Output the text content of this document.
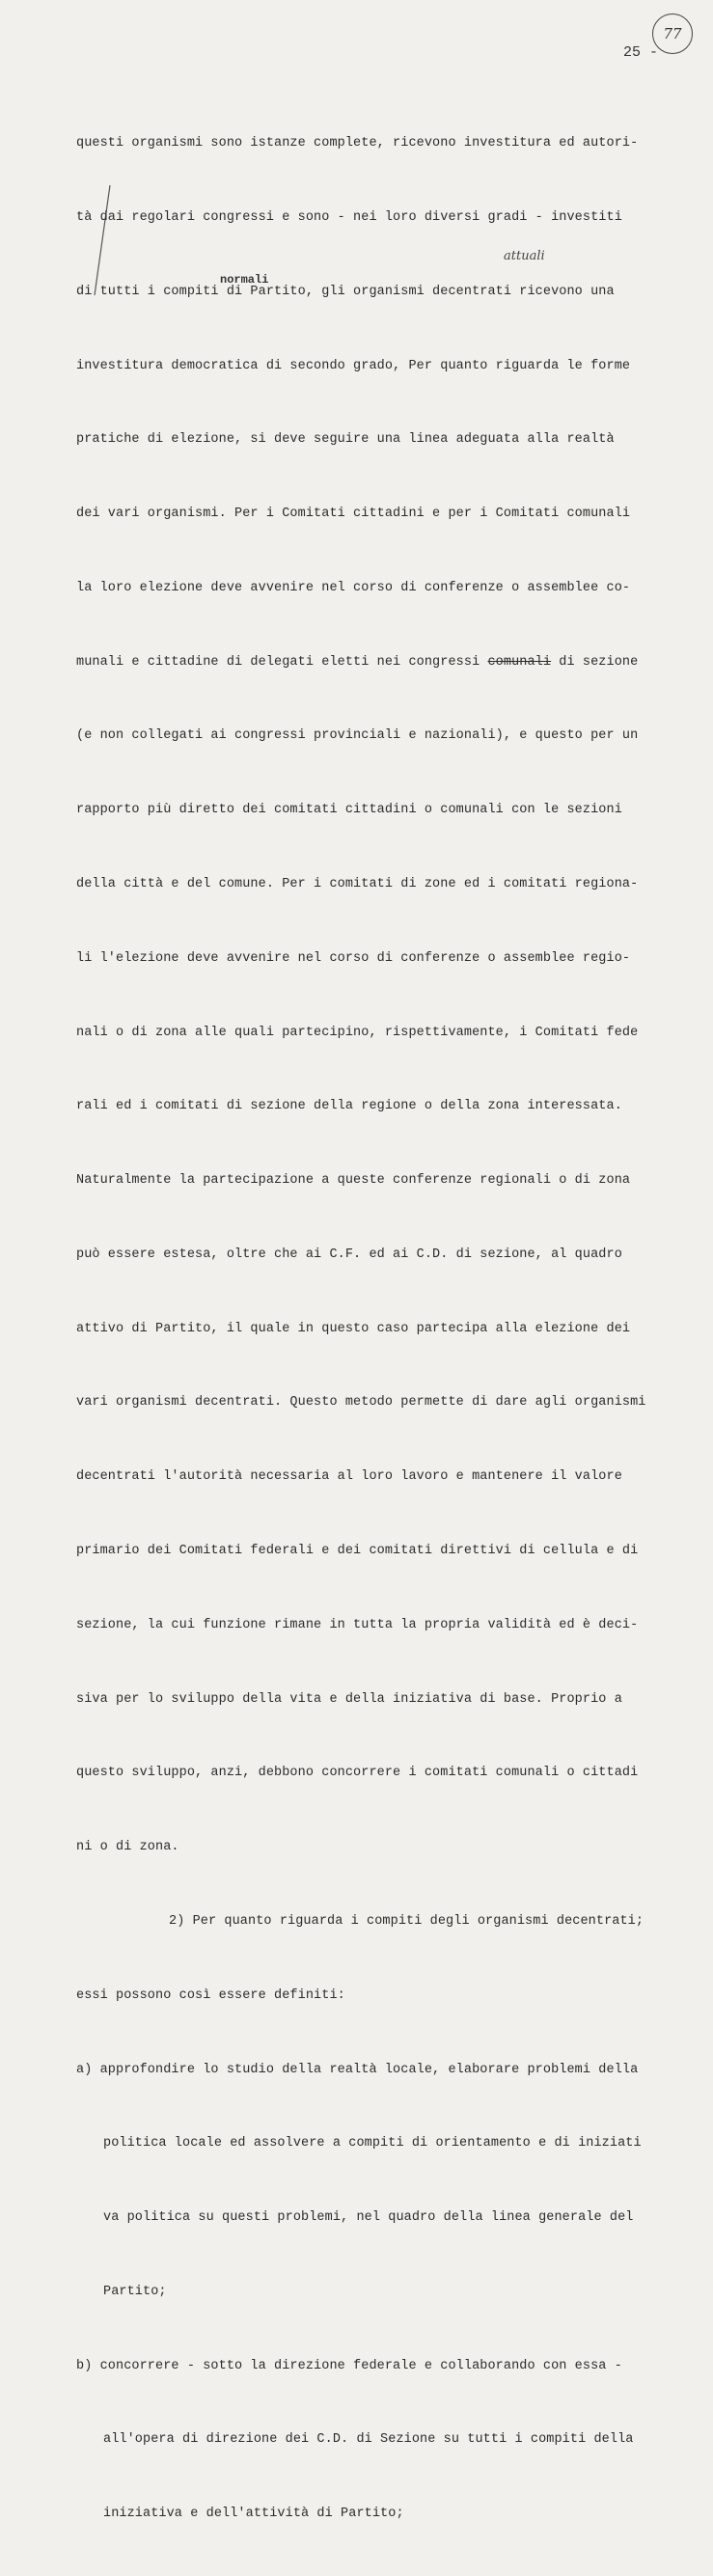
77
25 -
attuali
normali

questi organismi sono istanze complete, ricevono investitura ed autori-

tà dai regolari congressi e sono - nei loro diversi gradi - investiti

di tutti i compiti di Partito, gli organismi decentrati ricevono una

investitura democratica di secondo grado, Per quanto riguarda le forme

pratiche di elezione, si deve seguire una linea adeguata alla realtà

dei vari organismi. Per i Comitati cittadini e per i Comitati comunali

la loro elezione deve avvenire nel corso di conferenze o assemblee co-

munali e cittadine di delegati eletti nei congressi comunali di sezione

(e non collegati ai congressi provinciali e nazionali), e questo per un

rapporto più diretto dei comitati cittadini o comunali con le sezioni

della città e del comune. Per i comitati di zone ed i comitati regiona-

li l'elezione deve avvenire nel corso di conferenze o assemblee regio-

nali o di zona alle quali partecipino, rispettivamente, i Comitati fede

rali ed i comitati di sezione della regione o della zona interessata.

Naturalmente la partecipazione a queste conferenze regionali o di zona

può essere estesa, oltre che ai C.F. ed ai C.D. di sezione, al quadro

attivo di Partito, il quale in questo caso partecipa alla elezione dei

vari organismi decentrati. Questo metodo permette di dare agli organismi

decentrati l'autorità necessaria al loro lavoro e mantenere il valore

primario dei Comitati federali e dei comitati direttivi di cellula e di

sezione, la cui funzione rimane in tutta la propria validità ed è deci-

siva per lo sviluppo della vita e della iniziativa di base. Proprio a

questo sviluppo, anzi, debbono concorrere i comitati comunali o cittadi

ni o di zona.

2) Per quanto riguarda i compiti degli organismi decentrati;

essi possono così essere definiti:

a) approfondire lo studio della realtà locale, elaborare problemi della

politica locale ed assolvere a compiti di orientamento e di iniziati

va politica su questi problemi, nel quadro della linea generale del

Partito;

b) concorrere - sotto la direzione federale e collaborando con essa -

all'opera di direzione dei C.D. di Sezione su tutti i compiti della

iniziativa e dell'attività di Partito;
